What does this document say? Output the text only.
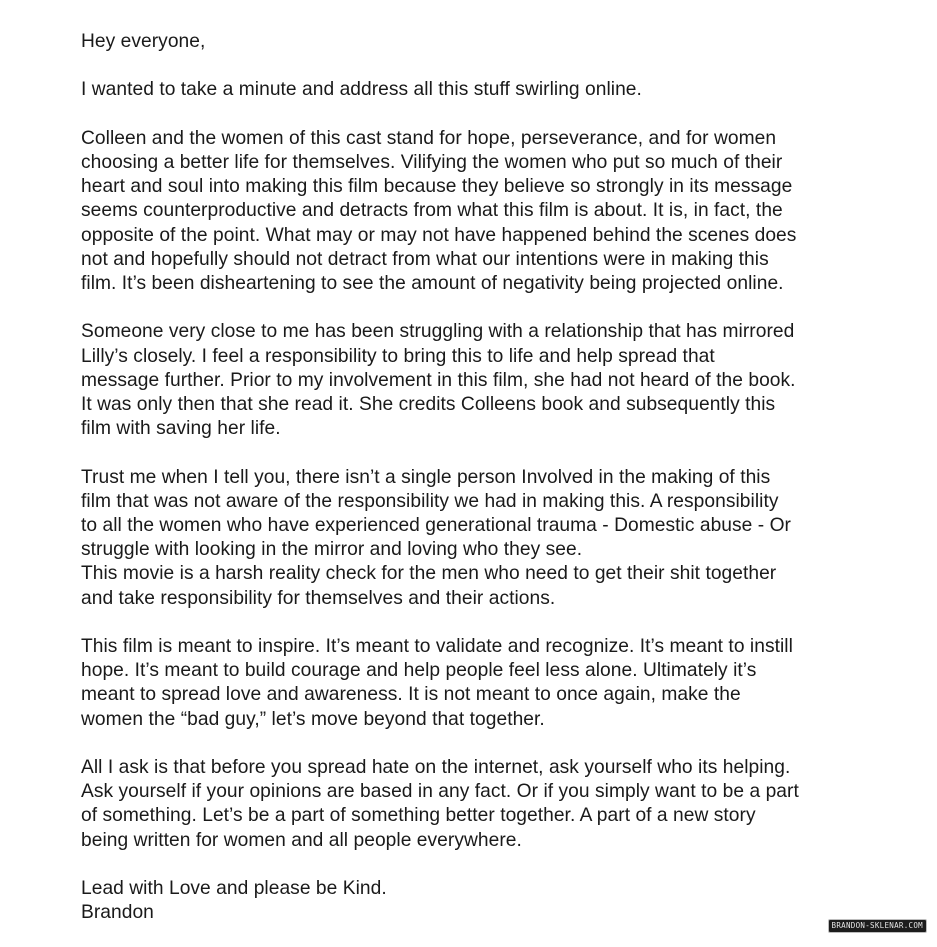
Hey everyone,

I wanted to take a minute and address all this stuff swirling online.

Colleen and the women of this cast stand for hope, perseverance, and for women
choosing a better life for themselves. Vilifying the women who put so much of their
heart and soul into making this film because they believe so strongly in its message
seems counterproductive and detracts from what this film is about. It is, in fact, the
opposite of the point. What may or may not have happened behind the scenes does
not and hopefully should not detract from what our intentions were in making this
film. It’s been disheartening to see the amount of negativity being projected online.

Someone very close to me has been struggling with a relationship that has mirrored
Lilly’s closely. I feel a responsibility to bring this to life and help spread that
message further. Prior to my involvement in this film, she had not heard of the book.
It was only then that she read it. She credits Colleens book and subsequently this
film with saving her life.

Trust me when I tell you, there isn’t a single person Involved in the making of this
film that was not aware of the responsibility we had in making this. A responsibility
to all the women who have experienced generational trauma - Domestic abuse - Or
struggle with looking in the mirror and loving who they see.
This movie is a harsh reality check for the men who need to get their shit together
and take responsibility for themselves and their actions.

This film is meant to inspire. It’s meant to validate and recognize. It’s meant to instill
hope. It’s meant to build courage and help people feel less alone. Ultimately it’s
meant to spread love and awareness. It is not meant to once again, make the
women the “bad guy,” let’s move beyond that together.

All I ask is that before you spread hate on the internet, ask yourself who its helping.
Ask yourself if your opinions are based in any fact. Or if you simply want to be a part
of something. Let’s be a part of something better together. A part of a new story
being written for women and all people everywhere.

Lead with Love and please be Kind.
Brandon

BRANDON-SKLENAR.COM
